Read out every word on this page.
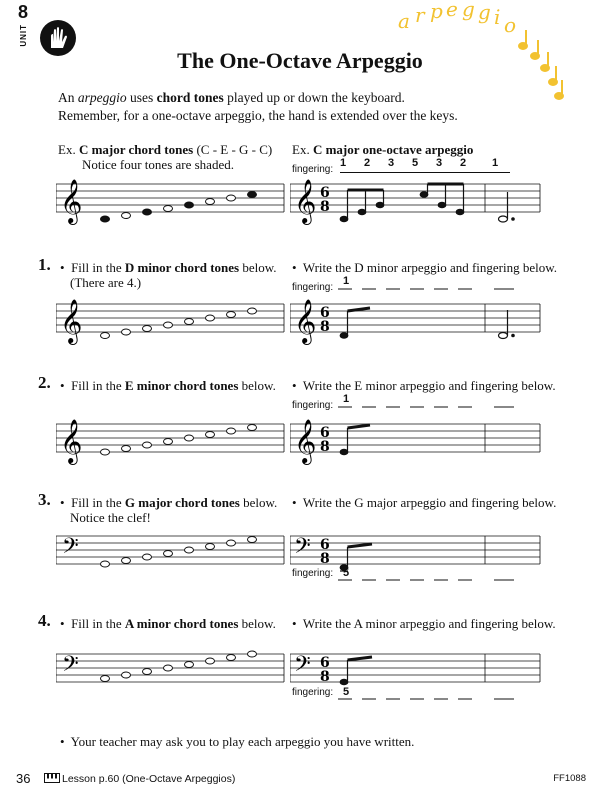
8
UNIT
a r p e g g i o
The One-Octave Arpeggio
An arpeggio uses chord tones played up or down the keyboard.
Remember, for a one-octave arpeggio, the hand is extended over the keys.
Ex. C major chord tones (C - E - G - C)
Notice four tones are shaded.
Ex. C major one-octave arpeggio
fingering:
1 2 3 5 3 2 1
𝄞	𝄞 6
8
1. •  Fill in the D minor chord tones below.
(There are 4.)
•  Write the D minor arpeggio and fingering below.
fingering:
1
𝄞	𝄞 6
8
2. •  Fill in the E minor chord tones below. •  Write the E minor arpeggio and fingering below.
fingering:
1
𝄞	𝄞 6
8
3. •  Fill in the G major chord tones below.
Notice the clef!
•  Write the G major arpeggio and fingering below.
𝄢	𝄢 6
8
fingering: 5
4. •  Fill in the A minor chord tones below. •  Write the A minor arpeggio and fingering below.
𝄢	𝄢 6
8
fingering: 5
•  Your teacher may ask you to play each arpeggio you have written.
36	Lesson p.60 (One-Octave Arpeggios)	FF1088
